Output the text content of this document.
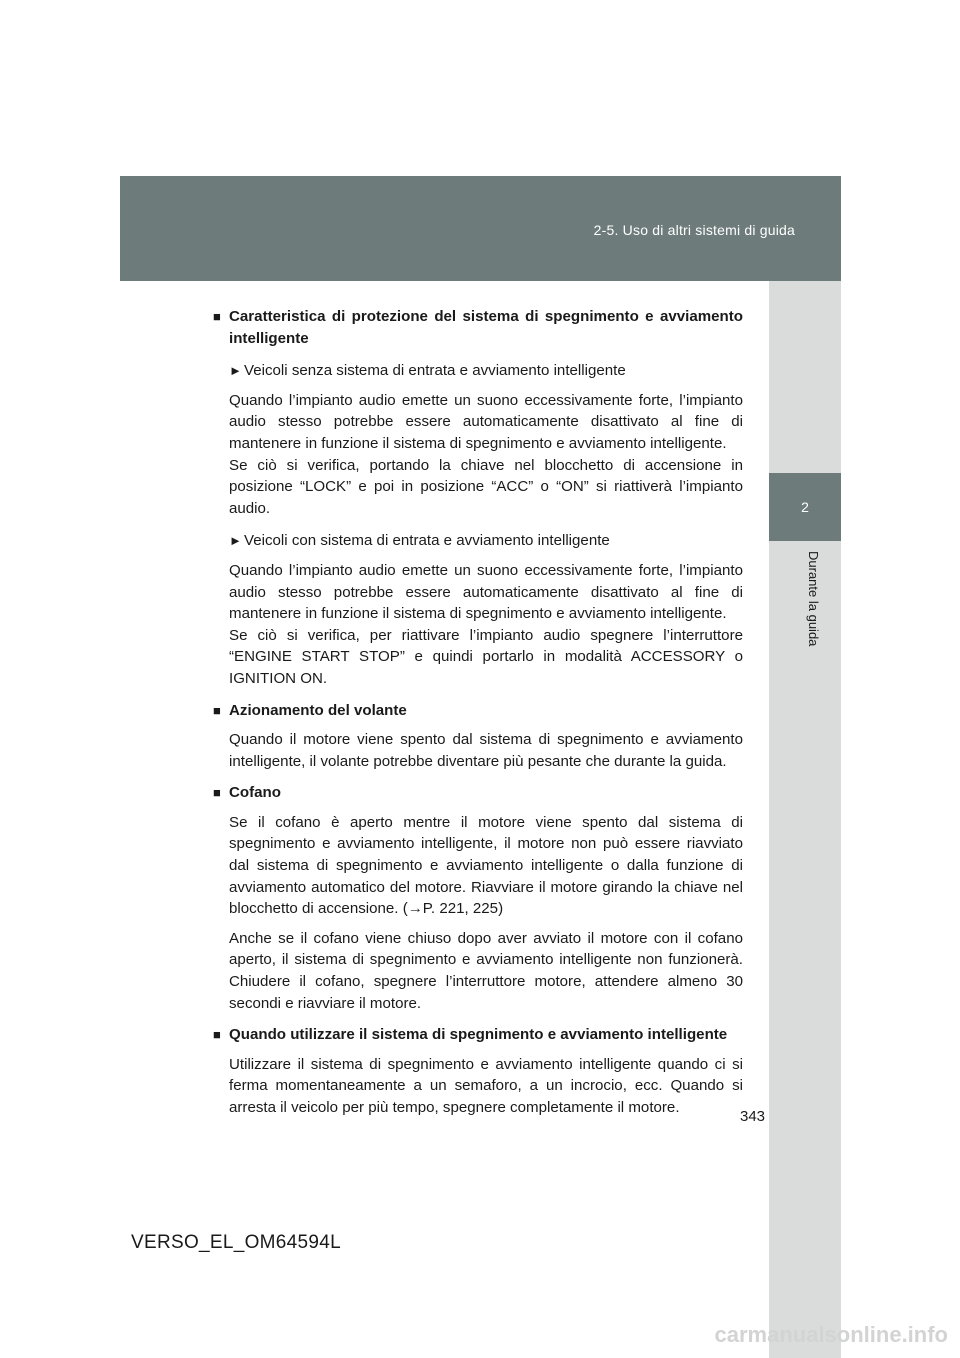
2-5. Uso di altri sistemi di guida
2
Durante la guida

■ Caratteristica di protezione del sistema di spegnimento e avviamento intelligente

► Veicoli senza sistema di entrata e avviamento intelligente

Quando l’impianto audio emette un suono eccessivamente forte, l’impianto audio stesso potrebbe essere automaticamente disattivato al fine di mantenere in funzione il sistema di spegnimento e avviamento intelligente.
Se ciò si verifica, portando la chiave nel blocchetto di accensione in posizione “LOCK” e poi in posizione “ACC” o “ON” si riattiverà l’impianto audio.

► Veicoli con sistema di entrata e avviamento intelligente

Quando l’impianto audio emette un suono eccessivamente forte, l’impianto audio stesso potrebbe essere automaticamente disattivato al fine di mantenere in funzione il sistema di spegnimento e avviamento intelligente.
Se ciò si verifica, per riattivare l’impianto audio spegnere l’interruttore “ENGINE START STOP” e quindi portarlo in modalità ACCESSORY o IGNITION ON.

■ Azionamento del volante

Quando il motore viene spento dal sistema di spegnimento e avviamento intelligente, il volante potrebbe diventare più pesante che durante la guida.

■ Cofano

Se il cofano è aperto mentre il motore viene spento dal sistema di spegnimento e avviamento intelligente, il motore non può essere riavviato dal sistema di spegnimento e avviamento intelligente o dalla funzione di avviamento automatico del motore. Riavviare il motore girando la chiave nel blocchetto di accensione. (→P. 221, 225)

Anche se il cofano viene chiuso dopo aver avviato il motore con il cofano aperto, il sistema di spegnimento e avviamento intelligente non funzionerà. Chiudere il cofano, spegnere l’interruttore motore, attendere almeno 30 secondi e riavviare il motore.

■ Quando utilizzare il sistema di spegnimento e avviamento intelligente

Utilizzare il sistema di spegnimento e avviamento intelligente quando ci si ferma momentaneamente a un semaforo, a un incrocio, ecc. Quando si arresta il veicolo per più tempo, spegnere completamente il motore.

343
VERSO_EL_OM64594L
carmanualsonline.info
